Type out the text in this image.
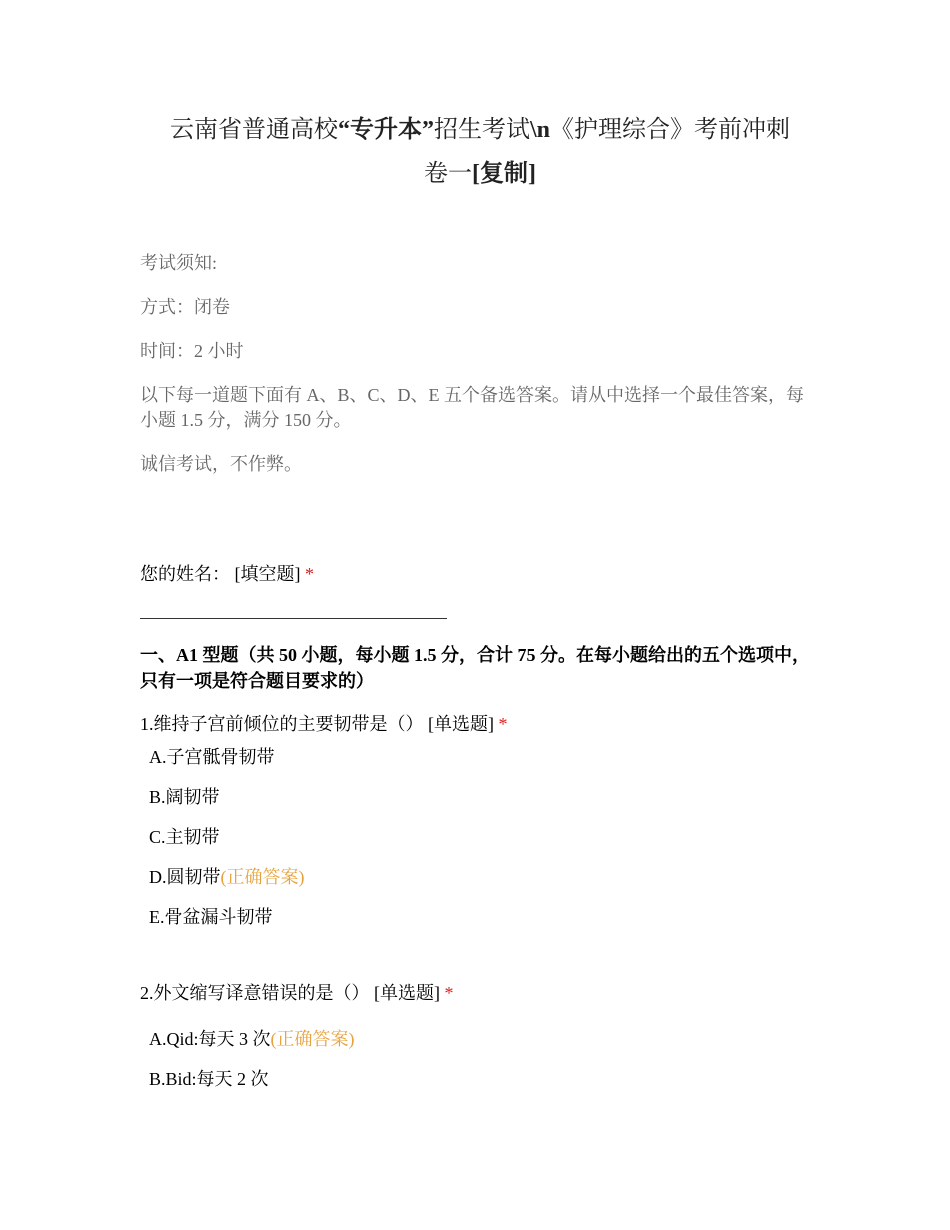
云南省普通高校“专升本”招生考试\n《护理综合》考前冲刺
卷一[复制]
考试须知:
方式：闭卷
时间：2 小时
以下每一道题下面有 A、B、C、D、E 五个备选答案。请从中选择一个最佳答案，每小题 1.5 分，满分 150 分。
诚信考试，不作弊。
您的姓名： [填空题] *
一、A1 型题（共 50 小题，每小题 1.5 分，合计 75 分。在每小题给出的五个选项中，只有一项是符合题目要求的）
1.维持子宫前倾位的主要韧带是（） [单选题] *
A.子宫骶骨韧带
B.阔韧带
C.主韧带
D.圆韧带(正确答案)
E.骨盆漏斗韧带
2.外文缩写译意错误的是（） [单选题] *
A.Qid:每天 3 次(正确答案)
B.Bid:每天 2 次
